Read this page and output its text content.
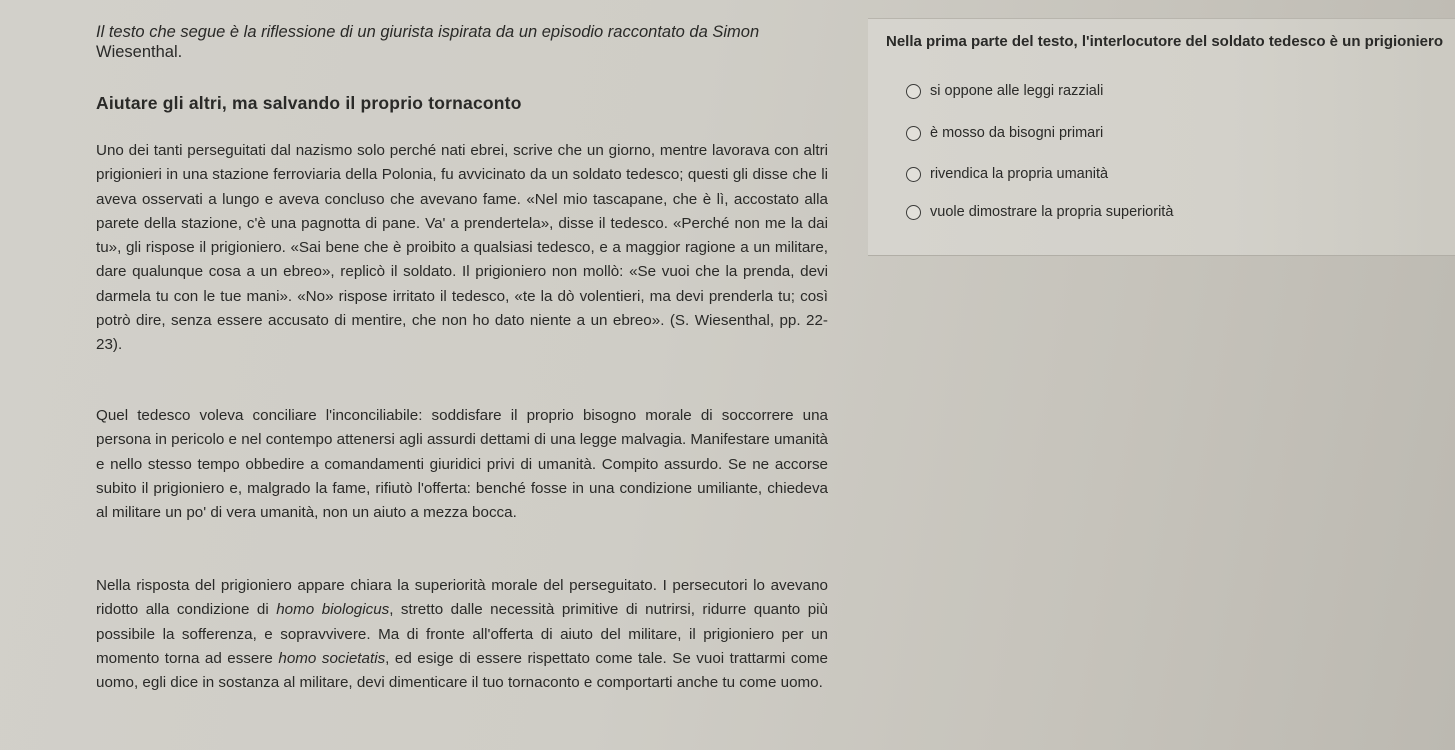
Il testo che segue è la riflessione di un giurista ispirata da un episodio raccontato da Simon
Wiesenthal.

Aiutare gli altri, ma salvando il proprio tornaconto

Uno dei tanti perseguitati dal nazismo solo perché nati ebrei, scrive che un giorno, mentre lavorava con altri prigionieri in una stazione ferroviaria della Polonia, fu avvicinato da un soldato tedesco; questi gli disse che li aveva osservati a lungo e aveva concluso che avevano fame. «Nel mio tascapane, che è lì, accostato alla parete della stazione, c'è una pagnotta di pane. Va' a prendertela», disse il tedesco. «Perché non me la dai tu», gli rispose il prigioniero. «Sai bene che è proibito a qualsiasi tedesco, e a maggior ragione a un militare, dare qualunque cosa a un ebreo», replicò il soldato. Il prigioniero non mollò: «Se vuoi che la prenda, devi darmela tu con le tue mani». «No» rispose irritato il tedesco, «te la dò volentieri, ma devi prenderla tu; così potrò dire, senza essere accusato di mentire, che non ho dato niente a un ebreo». (S. Wiesenthal, pp. 22-23).

Quel tedesco voleva conciliare l'inconciliabile: soddisfare il proprio bisogno morale di soccorrere una persona in pericolo e nel contempo attenersi agli assurdi dettami di una legge malvagia. Manifestare umanità e nello stesso tempo obbedire a comandamenti giuridici privi di umanità. Compito assurdo. Se ne accorse subito il prigioniero e, malgrado la fame, rifiutò l'offerta: benché fosse in una condizione umiliante, chiedeva al militare un po' di vera umanità, non un aiuto a mezza bocca.

Nella risposta del prigioniero appare chiara la superiorità morale del perseguitato. I persecutori lo avevano ridotto alla condizione di homo biologicus, stretto dalle necessità primitive di nutrirsi, ridurre quanto più possibile la sofferenza, e sopravvivere. Ma di fronte all'offerta di aiuto del militare, il prigioniero per un momento torna ad essere homo societatis, ed esige di essere rispettato come tale. Se vuoi trattarmi come uomo, egli dice in sostanza al militare, devi dimenticare il tuo tornaconto e comportarti anche tu come uomo.

Nella prima parte del testo, l'interlocutore del soldato tedesco è un prigioniero

si oppone alle leggi razziali
è mosso da bisogni primari
rivendica la propria umanità
vuole dimostrare la propria superiorità
